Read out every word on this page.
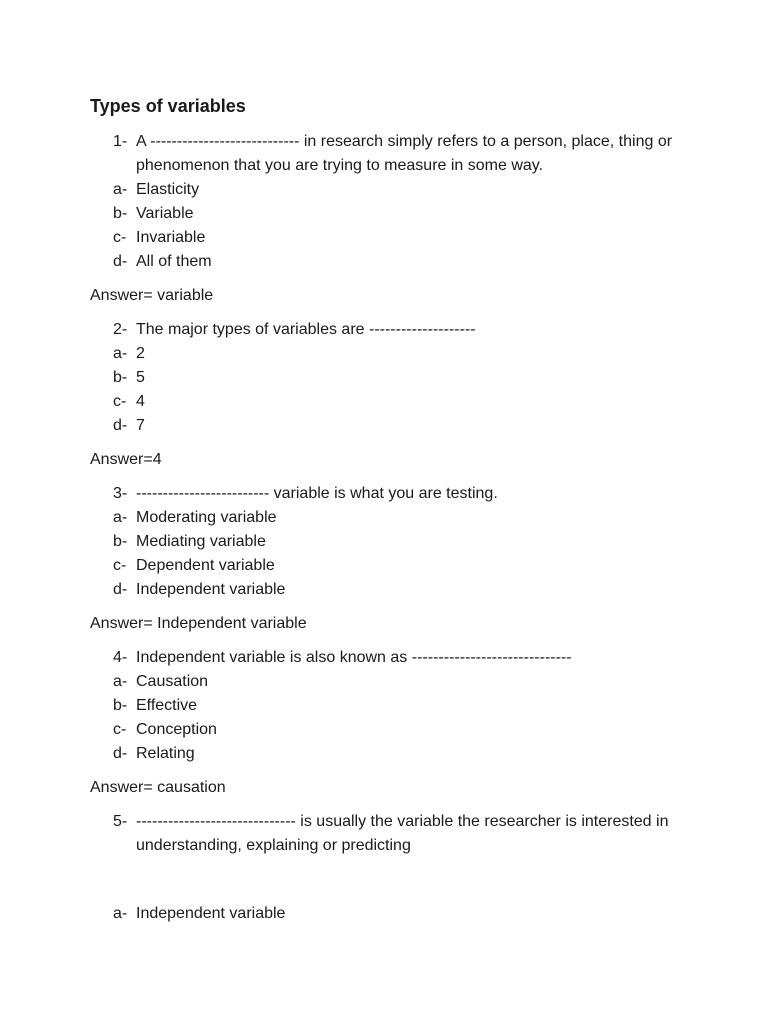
Types of variables
1- A ---------------------------- in research simply refers to a person, place, thing or
phenomenon that you are trying to measure in some way.
a- Elasticity
b- Variable
c- Invariable
d- All of them
Answer= variable
2- The major types of variables are --------------------
a- 2
b- 5
c- 4
d- 7
Answer=4
3- ------------------------- variable is what you are testing.
a- Moderating variable
b- Mediating variable
c- Dependent variable
d- Independent variable
Answer= Independent variable
4- Independent variable is also known as ------------------------------
a- Causation
b- Effective
c- Conception
d- Relating
Answer= causation
5- ------------------------------ is usually the variable the researcher is interested in
understanding, explaining or predicting
a- Independent variable
